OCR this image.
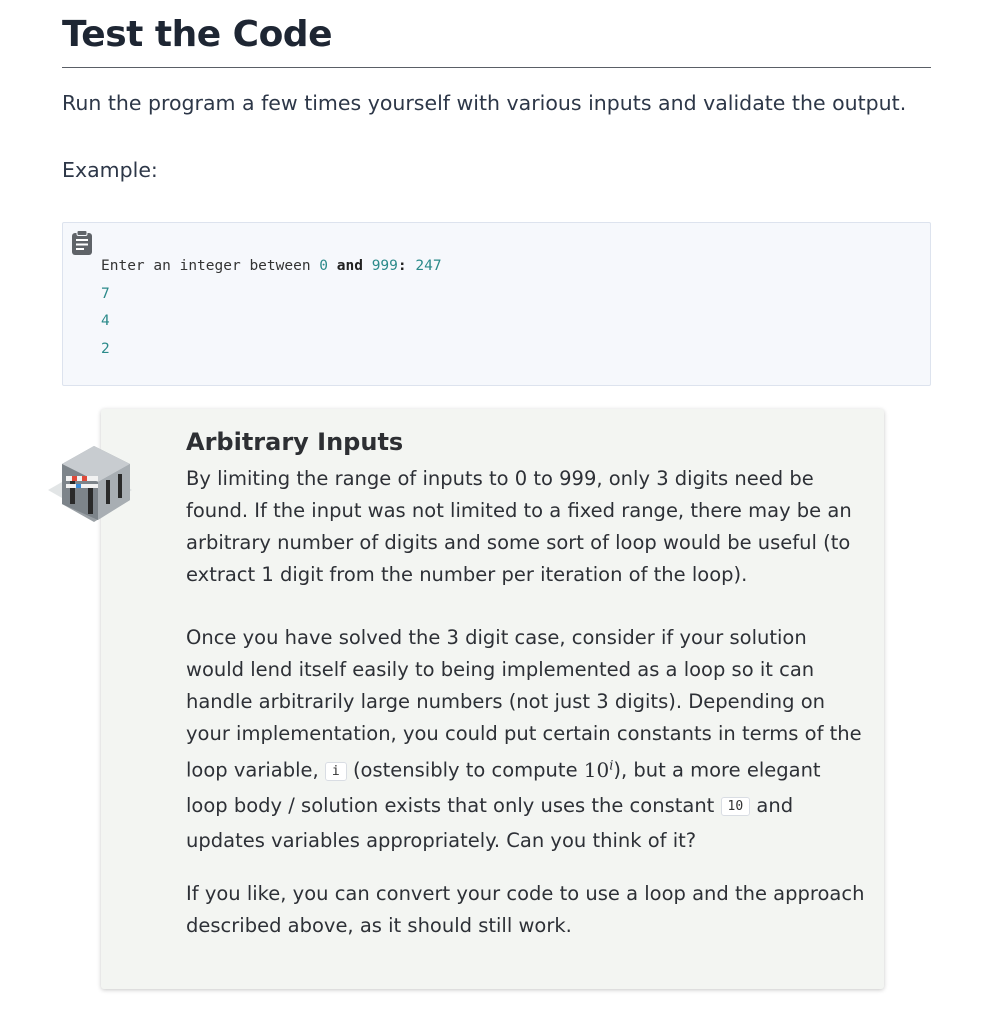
Test the Code

Run the program a few times yourself with various inputs and validate the output.

Example:

Enter an integer between 0 and 999: 247
7
4
2
Arbitrary Inputs

By limiting the range of inputs to 0 to 999, only 3 digits need be
found. If the input was not limited to a fixed range, there may be an
arbitrary number of digits and some sort of loop would be useful (to
extract 1 digit from the number per iteration of the loop).

Once you have solved the 3 digit case, consider if your solution
would lend itself easily to being implemented as a loop so it can
handle arbitrarily large numbers (not just 3 digits). Depending on
your implementation, you could put certain constants in terms of the
loop variable, i (ostensibly to compute 10$^i$), but a more elegant
loop body / solution exists that only uses the constant 10 and
updates variables appropriately. Can you think of it?

If you like, you can convert your code to use a loop and the approach
described above, as it should still work.
